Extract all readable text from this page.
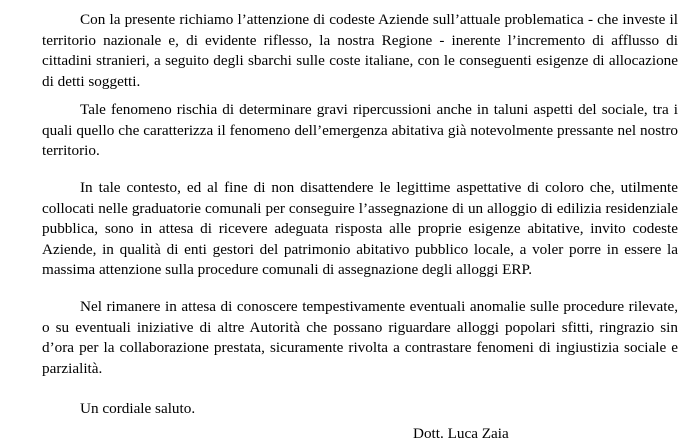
Con la presente richiamo l’attenzione di codeste Aziende sull’attuale problematica - che investe il territorio nazionale e, di evidente riflesso, la nostra Regione - inerente l’incremento di afflusso di cittadini stranieri, a seguito degli sbarchi sulle coste italiane, con le conseguenti esigenze di allocazione di detti soggetti.

Tale fenomeno rischia di determinare gravi ripercussioni anche in taluni aspetti del sociale, tra i quali quello che caratterizza il fenomeno dell’emergenza abitativa già notevolmente pressante nel nostro territorio.

In tale contesto, ed al fine di non disattendere le legittime aspettative di coloro che, utilmente collocati nelle graduatorie comunali per conseguire l’assegnazione di un alloggio di edilizia residenziale pubblica, sono in attesa di ricevere adeguata risposta alle proprie esigenze abitative, invito codeste Aziende, in qualità di enti gestori del patrimonio abitativo pubblico locale, a voler porre in essere la massima attenzione sulla procedure comunali di assegnazione degli alloggi ERP.

Nel rimanere in attesa di conoscere tempestivamente eventuali anomalie sulle procedure rilevate, o su eventuali iniziative di altre Autorità che possano riguardare alloggi popolari sfitti, ringrazio sin d’ora per la collaborazione prestata, sicuramente rivolta a contrastare fenomeni di ingiustizia sociale e parzialità.

Un cordiale saluto.

Dott. Luca Zaia
